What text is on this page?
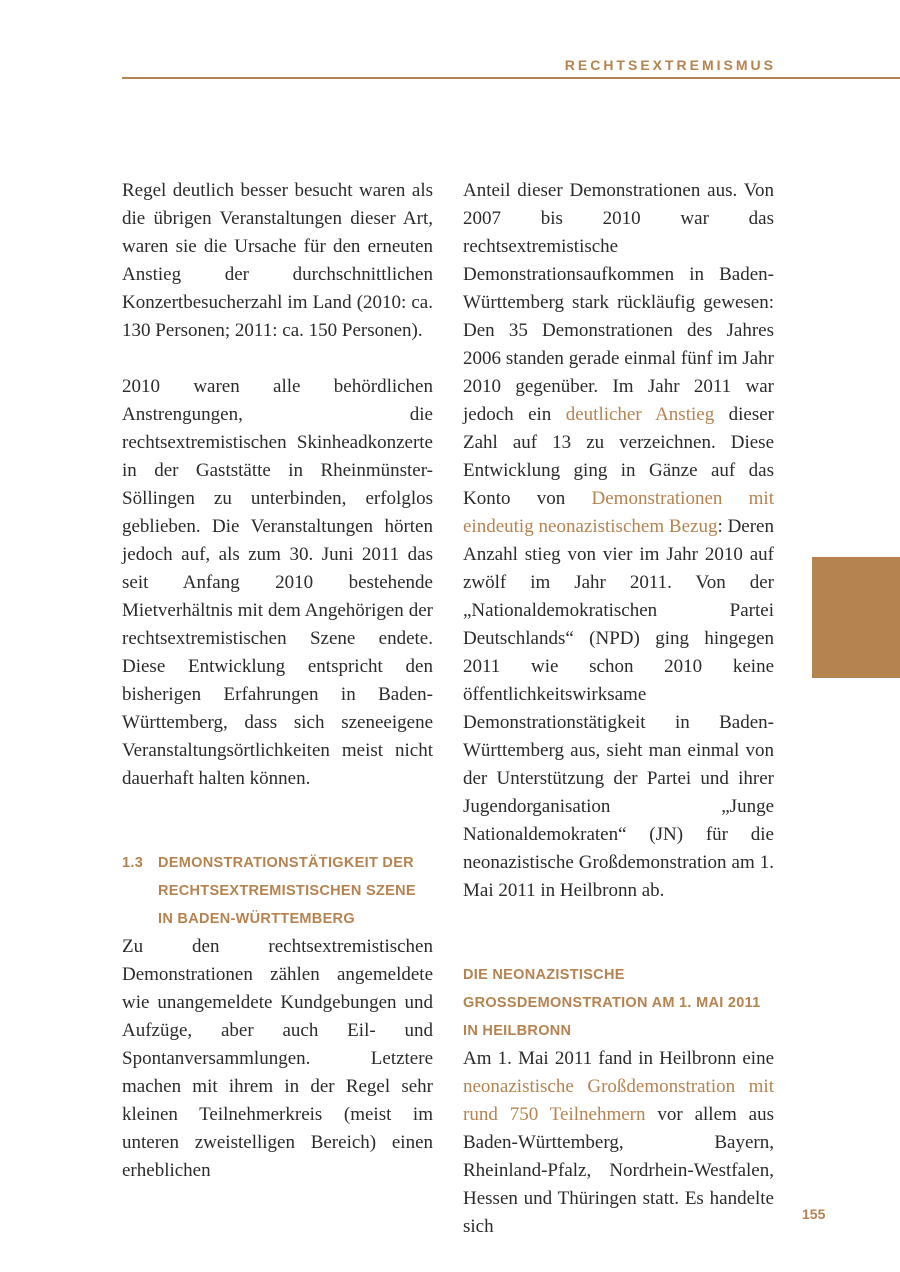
RECHTSEXTREMISMUS

Regel deutlich besser besucht waren als die übrigen Veranstaltungen dieser Art, waren sie die Ursache für den erneuten Anstieg der durchschnittlichen Konzertbesucherzahl im Land (2010: ca. 130 Personen; 2011: ca. 150 Personen).

2010 waren alle behördlichen Anstrengungen, die rechtsextremistischen Skinheadkonzerte in der Gaststätte in Rheinmünster-Söllingen zu unterbinden, erfolglos geblieben. Die Veranstaltungen hörten jedoch auf, als zum 30. Juni 2011 das seit Anfang 2010 bestehende Mietverhältnis mit dem Angehörigen der rechtsextremistischen Szene endete. Diese Entwicklung entspricht den bisherigen Erfahrungen in Baden-Württemberg, dass sich szeneeigene Veranstaltungsörtlichkeiten meist nicht dauerhaft halten können.

1.3	DEMONSTRATIONSTÄTIGKEIT DER RECHTSEXTREMISTISCHEN SZENE IN BADEN-WÜRTTEMBERG

Zu den rechtsextremistischen Demonstrationen zählen angemeldete wie unangemeldete Kundgebungen und Aufzüge, aber auch Eil- und Spontanversammlungen. Letztere machen mit ihrem in der Regel sehr kleinen Teilnehmerkreis (meist im unteren zweistelligen Bereich) einen erheblichen

Anteil dieser Demonstrationen aus. Von 2007 bis 2010 war das rechtsextremistische Demonstrationsaufkommen in Baden-Württemberg stark rückläufig gewesen: Den 35 Demonstrationen des Jahres 2006 standen gerade einmal fünf im Jahr 2010 gegenüber. Im Jahr 2011 war jedoch ein deutlicher Anstieg dieser Zahl auf 13 zu verzeichnen. Diese Entwicklung ging in Gänze auf das Konto von Demonstrationen mit eindeutig neonazistischem Bezug: Deren Anzahl stieg von vier im Jahr 2010 auf zwölf im Jahr 2011. Von der „Nationaldemokratischen Partei Deutschlands“ (NPD) ging hingegen 2011 wie schon 2010 keine öffentlichkeitswirksame Demonstrationstätigkeit in Baden-Württemberg aus, sieht man einmal von der Unterstützung der Partei und ihrer Jugendorganisation „Junge Nationaldemokraten“ (JN) für die neonazistische Großdemonstration am 1. Mai 2011 in Heilbronn ab.

DIE NEONAZISTISCHE GROSSDEMONSTRATION AM 1. MAI 2011 IN HEILBRONN

Am 1. Mai 2011 fand in Heilbronn eine neonazistische Großdemonstration mit rund 750 Teilnehmern vor allem aus Baden-Württemberg, Bayern, Rheinland-Pfalz, Nordrhein-Westfalen, Hessen und Thüringen statt. Es handelte sich

155
